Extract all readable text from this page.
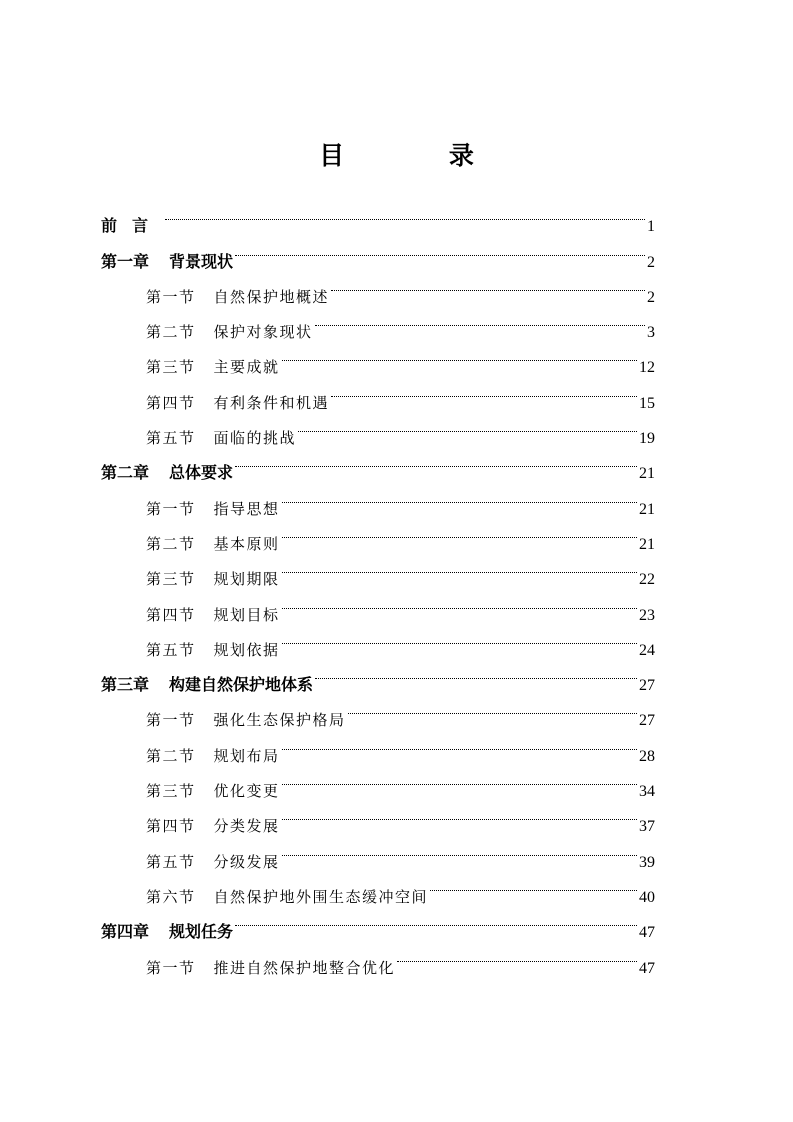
目 录
前言	1
第一章 背景现状	2
第一节 自然保护地概述	2
第二节 保护对象现状	3
第三节 主要成就	12
第四节 有利条件和机遇	15
第五节 面临的挑战	19
第二章 总体要求	21
第一节 指导思想	21
第二节 基本原则	21
第三节 规划期限	22
第四节 规划目标	23
第五节 规划依据	24
第三章 构建自然保护地体系	27
第一节 强化生态保护格局	27
第二节 规划布局	28
第三节 优化变更	34
第四节 分类发展	37
第五节 分级发展	39
第六节 自然保护地外围生态缓冲空间	40
第四章 规划任务	47
第一节 推进自然保护地整合优化	47
